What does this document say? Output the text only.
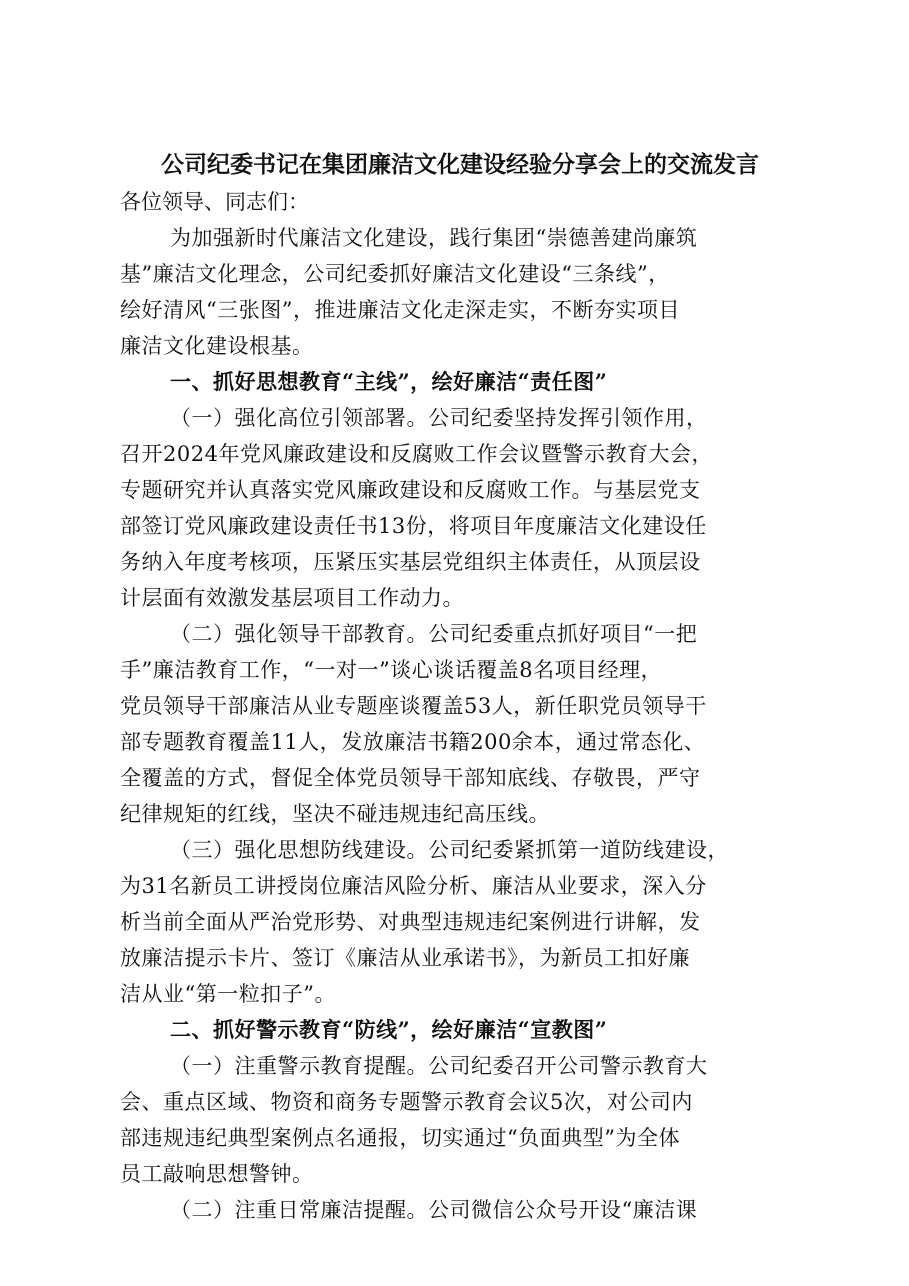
公司纪委书记在集团廉洁文化建设经验分享会上的交流发言
各位领导、同志们：
为加强新时代廉洁文化建设，践行集团“崇德善建尚廉筑
基”廉洁文化理念，公司纪委抓好廉洁文化建设“三条线”，
绘好清风“三张图”，推进廉洁文化走深走实，不断夯实项目
廉洁文化建设根基。
一、抓好思想教育“主线”，绘好廉洁“责任图”
（一）强化高位引领部署。公司纪委坚持发挥引领作用，
召开2024年党风廉政建设和反腐败工作会议暨警示教育大会，
专题研究并认真落实党风廉政建设和反腐败工作。与基层党支
部签订党风廉政建设责任书13份，将项目年度廉洁文化建设任
务纳入年度考核项，压紧压实基层党组织主体责任，从顶层设
计层面有效激发基层项目工作动力。
（二）强化领导干部教育。公司纪委重点抓好项目“一把
手”廉洁教育工作，“一对一”谈心谈话覆盖8名项目经理，
党员领导干部廉洁从业专题座谈覆盖53人，新任职党员领导干
部专题教育覆盖11人，发放廉洁书籍200余本，通过常态化、
全覆盖的方式，督促全体党员领导干部知底线、存敬畏，严守
纪律规矩的红线，坚决不碰违规违纪高压线。
（三）强化思想防线建设。公司纪委紧抓第一道防线建设，
为31名新员工讲授岗位廉洁风险分析、廉洁从业要求，深入分
析当前全面从严治党形势、对典型违规违纪案例进行讲解，发
放廉洁提示卡片、签订《廉洁从业承诺书》，为新员工扣好廉
洁从业“第一粒扣子”。
二、抓好警示教育“防线”，绘好廉洁“宣教图”
（一）注重警示教育提醒。公司纪委召开公司警示教育大
会、重点区域、物资和商务专题警示教育会议5次，对公司内
部违规违纪典型案例点名通报，切实通过“负面典型”为全体
员工敲响思想警钟。
（二）注重日常廉洁提醒。公司微信公众号开设“廉洁课
